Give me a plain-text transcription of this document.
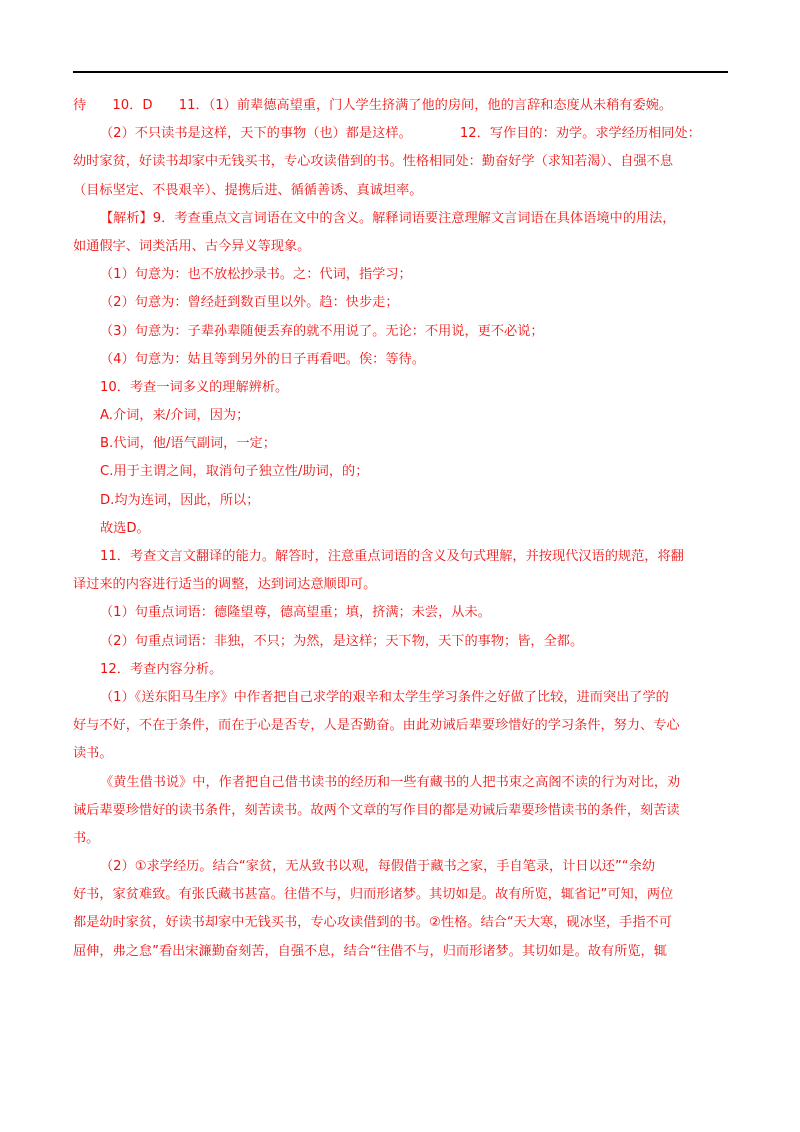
待 10．D 11．（1）前辈德高望重，门人学生挤满了他的房间，他的言辞和态度从未稍有委婉。

（2）不只读书是这样，天下的事物（也）都是这样。	12．写作目的：劝学。求学经历相同处：

幼时家贫，好读书却家中无钱买书，专心攻读借到的书。性格相同处：勤奋好学（求知若渴）、自强不息

（目标坚定、不畏艰辛）、提携后进、循循善诱、真诚坦率。

【解析】9．考查重点文言词语在文中的含义。解释词语要注意理解文言词语在具体语境中的用法，

如通假字、词类活用、古今异义等现象。

（1）句意为：也不放松抄录书。之：代词，指学习；

（2）句意为：曾经赶到数百里以外。趋：快步走；

（3）句意为：子辈孙辈随便丢弃的就不用说了。无论：不用说，更不必说；

（4）句意为：姑且等到另外的日子再看吧。俟：等待。

10．考查一词多义的理解辨析。

A.介词，来/介词，因为；

B.代词，他/语气副词，一定；

C.用于主谓之间，取消句子独立性/助词，的；

D.均为连词，因此，所以；

故选D。

11．考查文言文翻译的能力。解答时，注意重点词语的含义及句式理解，并按现代汉语的规范，将翻

译过来的内容进行适当的调整，达到词达意顺即可。

（1）句重点词语：德隆望尊，德高望重；填，挤满；未尝，从未。

（2）句重点词语：非独，不只；为然，是这样；天下物，天下的事物；皆，全都。

12．考查内容分析。

（1）《送东阳马生序》中作者把自己求学的艰辛和太学生学习条件之好做了比较，进而突出了学的

好与不好，不在于条件，而在于心是否专，人是否勤奋。由此劝诫后辈要珍惜好的学习条件，努力、专心

读书。

《黄生借书说》中，作者把自己借书读书的经历和一些有藏书的人把书束之高阁不读的行为对比，劝

诫后辈要珍惜好的读书条件，刻苦读书。故两个文章的写作目的都是劝诫后辈要珍惜读书的条件，刻苦读

书。

（2）①求学经历。结合“家贫，无从致书以观，每假借于藏书之家，手自笔录，计日以还”“余幼

好书，家贫难致。有张氏藏书甚富。往借不与，归而形诸梦。其切如是。故有所览，辄省记”可知，两位

都是幼时家贫，好读书却家中无钱买书，专心攻读借到的书。②性格。结合“天大寒，砚冰坚，手指不可

屈伸，弗之怠”看出宋濂勤奋刻苦，自强不息，结合“往借不与，归而形诸梦。其切如是。故有所览，辄
